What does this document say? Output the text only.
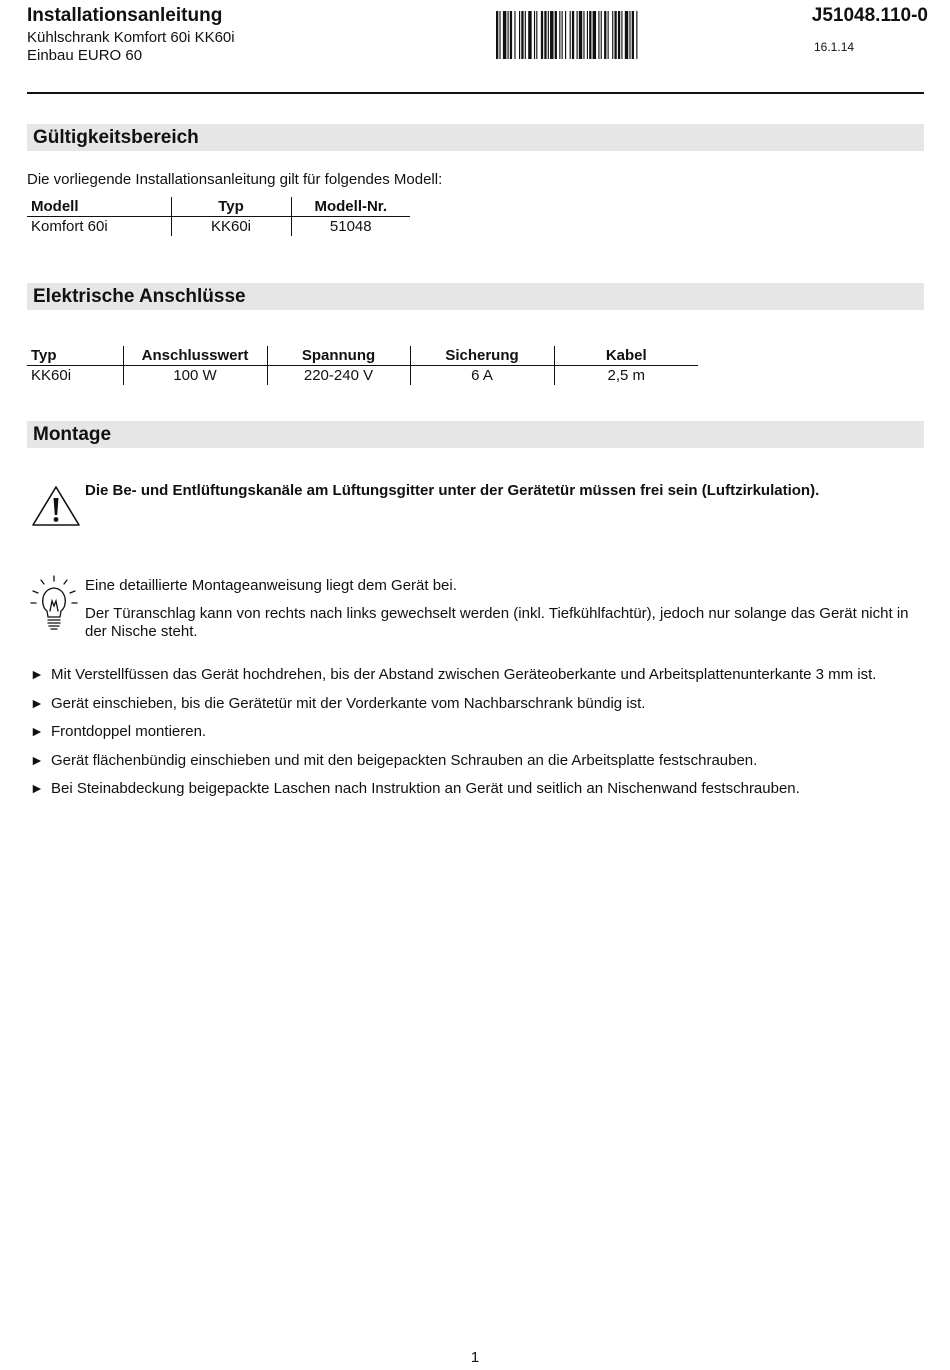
Installationsanleitung
Kühlschrank Komfort 60i KK60i
Einbau EURO 60
J51048.110-0
16.1.14
Gültigkeitsbereich
Die vorliegende Installationsanleitung gilt für folgendes Modell:
Modell	Typ	Modell-Nr.
Komfort 60i	KK60i	51048
Elektrische Anschlüsse
Typ	Anschlusswert	Spannung	Sicherung	Kabel
KK60i	100 W	220-240 V	6 A	2,5 m
Montage
Die Be- und Entlüftungskanäle am Lüftungsgitter unter der Gerätetür müssen frei sein (Luftzirkulation).
Eine detaillierte Montageanweisung liegt dem Gerät bei.
Der Türanschlag kann von rechts nach links gewechselt werden (inkl. Tiefkühlfachtür), jedoch nur solange das Gerät nicht in der Nische steht.
► Mit Verstellfüssen das Gerät hochdrehen, bis der Abstand zwischen Geräteoberkante und Arbeitsplattenunterkante 3 mm ist.
► Gerät einschieben, bis die Gerätetür mit der Vorderkante vom Nachbarschrank bündig ist.
► Frontdoppel montieren.
► Gerät flächenbündig einschieben und mit den beigepackten Schrauben an die Arbeitsplatte festschrauben.
► Bei Steinabdeckung beigepackte Laschen nach Instruktion an Gerät und seitlich an Nischenwand festschrauben.
1
